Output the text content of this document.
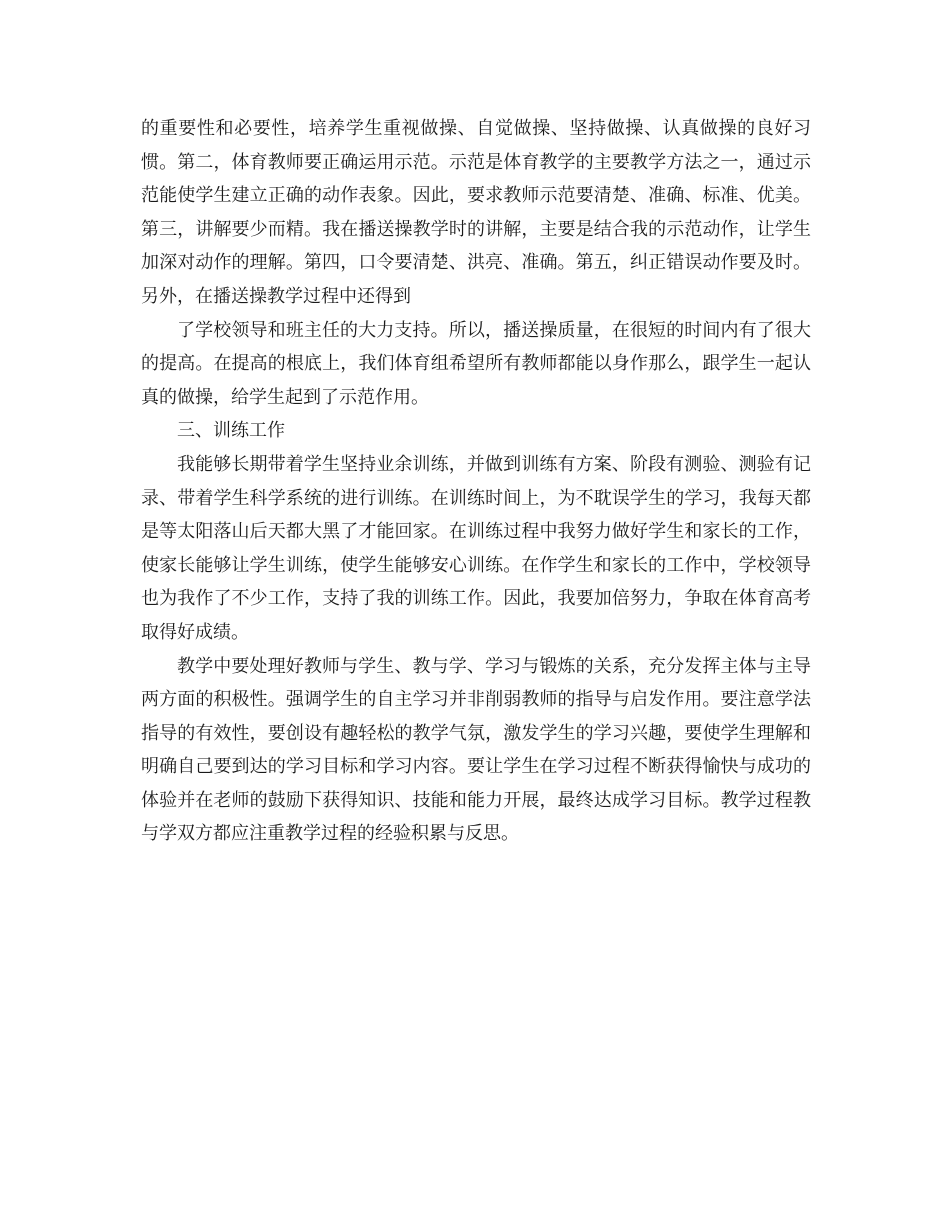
的重要性和必要性，培养学生重视做操、自觉做操、坚持做操、认真做操的良好习惯。第二，体育教师要正确运用示范。示范是体育教学的主要教学方法之一，通过示范能使学生建立正确的动作表象。因此，要求教师示范要清楚、准确、标准、优美。第三，讲解要少而精。我在播送操教学时的讲解，主要是结合我的示范动作，让学生加深对动作的理解。第四，口令要清楚、洪亮、准确。第五，纠正错误动作要及时。另外，在播送操教学过程中还得到

了学校领导和班主任的大力支持。所以，播送操质量，在很短的时间内有了很大的提高。在提高的根底上，我们体育组希望所有教师都能以身作那么，跟学生一起认真的做操，给学生起到了示范作用。

三、训练工作

我能够长期带着学生坚持业余训练，并做到训练有方案、阶段有测验、测验有记录、带着学生科学系统的进行训练。在训练时间上，为不耽误学生的学习，我每天都是等太阳落山后天都大黑了才能回家。在训练过程中我努力做好学生和家长的工作，使家长能够让学生训练，使学生能够安心训练。在作学生和家长的工作中，学校领导也为我作了不少工作，支持了我的训练工作。因此，我要加倍努力，争取在体育高考取得好成绩。

教学中要处理好教师与学生、教与学、学习与锻炼的关系，充分发挥主体与主导两方面的积极性。强调学生的自主学习并非削弱教师的指导与启发作用。要注意学法指导的有效性，要创设有趣轻松的教学气氛，激发学生的学习兴趣，要使学生理解和明确自己要到达的学习目标和学习内容。要让学生在学习过程不断获得愉快与成功的体验并在老师的鼓励下获得知识、技能和能力开展，最终达成学习目标。教学过程教与学双方都应注重教学过程的经验积累与反思。
